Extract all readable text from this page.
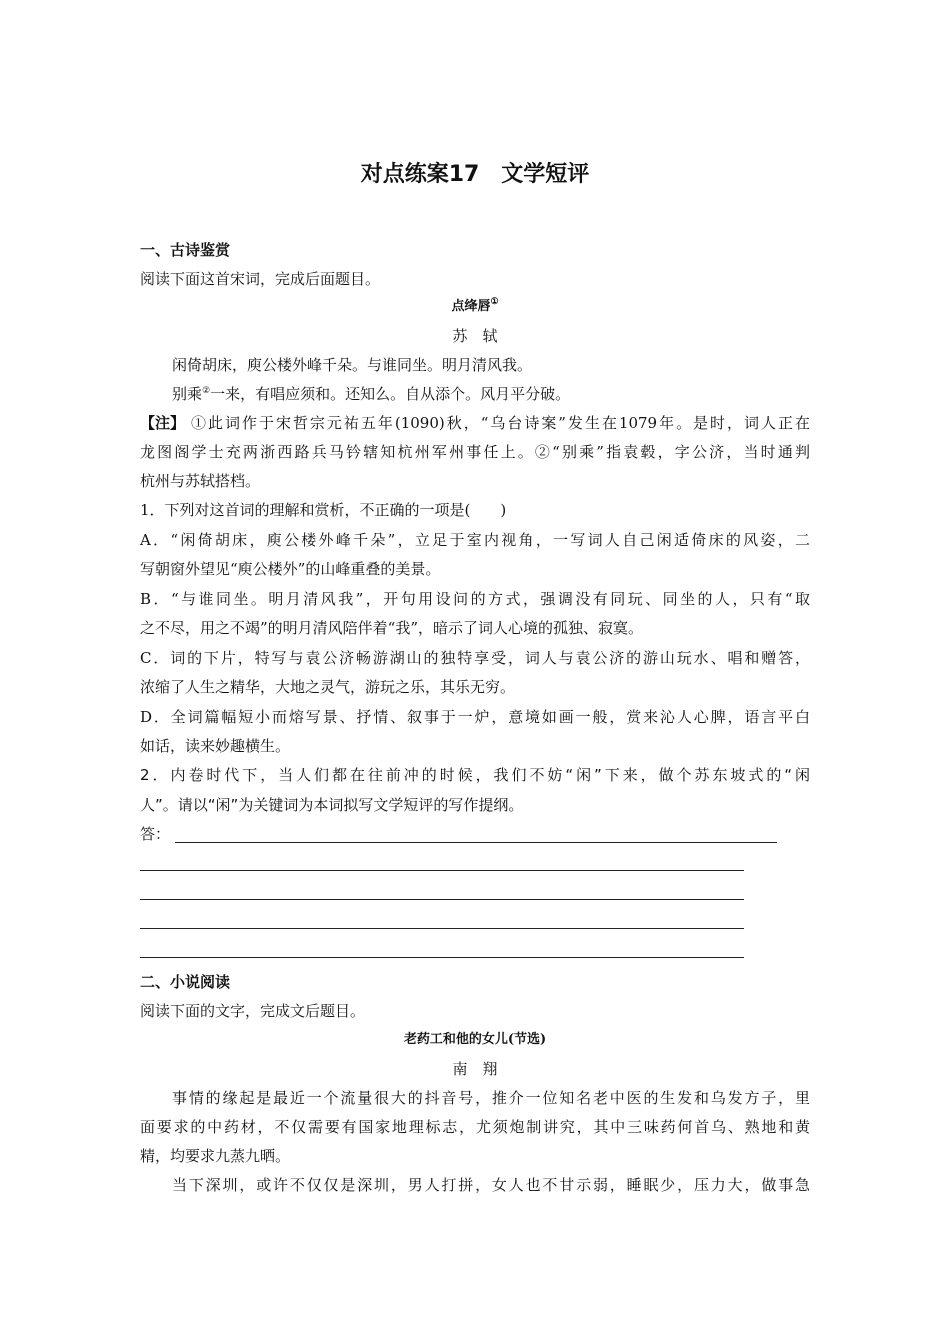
对点练案17　文学短评
一、古诗鉴赏
阅读下面这首宋词，完成后面题目。
点绛唇①
苏　轼
闲倚胡床，庾公楼外峰千朵。与谁同坐。明月清风我。
别乘②一来，有唱应须和。还知么。自从添个。风月平分破。
【注】 ①此词作于宋哲宗元祐五年(1090)秋，“乌台诗案”发生在1079年。是时，词人正在
龙图阁学士充两浙西路兵马钤辖知杭州军州事任上。②“别乘”指袁毂，字公济，当时通判
杭州与苏轼搭档。
1．下列对这首词的理解和赏析，不正确的一项是(　　)
A．“闲倚胡床，庾公楼外峰千朵”，立足于室内视角，一写词人自己闲适倚床的风姿，二
写朝窗外望见“庾公楼外”的山峰重叠的美景。
B．“与谁同坐。明月清风我”，开句用设问的方式，强调没有同玩、同坐的人，只有“取
之不尽，用之不竭”的明月清风陪伴着“我”，暗示了词人心境的孤独、寂寞。
C．词的下片，特写与袁公济畅游湖山的独特享受，词人与袁公济的游山玩水、唱和赠答，
浓缩了人生之精华，大地之灵气，游玩之乐，其乐无穷。
D．全词篇幅短小而熔写景、抒情、叙事于一炉，意境如画一般，赏来沁人心脾，语言平白
如话，读来妙趣横生。
2．内卷时代下，当人们都在往前冲的时候，我们不妨“闲”下来，做个苏东坡式的“闲
人”。请以“闲”为关键词为本词拟写文学短评的写作提纲。
答：
二、小说阅读
阅读下面的文字，完成文后题目。
老药工和他的女儿(节选)
南　翔
事情的缘起是最近一个流量很大的抖音号，推介一位知名老中医的生发和乌发方子，里
面要求的中药材，不仅需要有国家地理标志，尤须炮制讲究，其中三味药何首乌、熟地和黄
精，均要求九蒸九晒。
当下深圳，或许不仅仅是深圳，男人打拼，女人也不甘示弱，睡眠少，压力大，做事急
